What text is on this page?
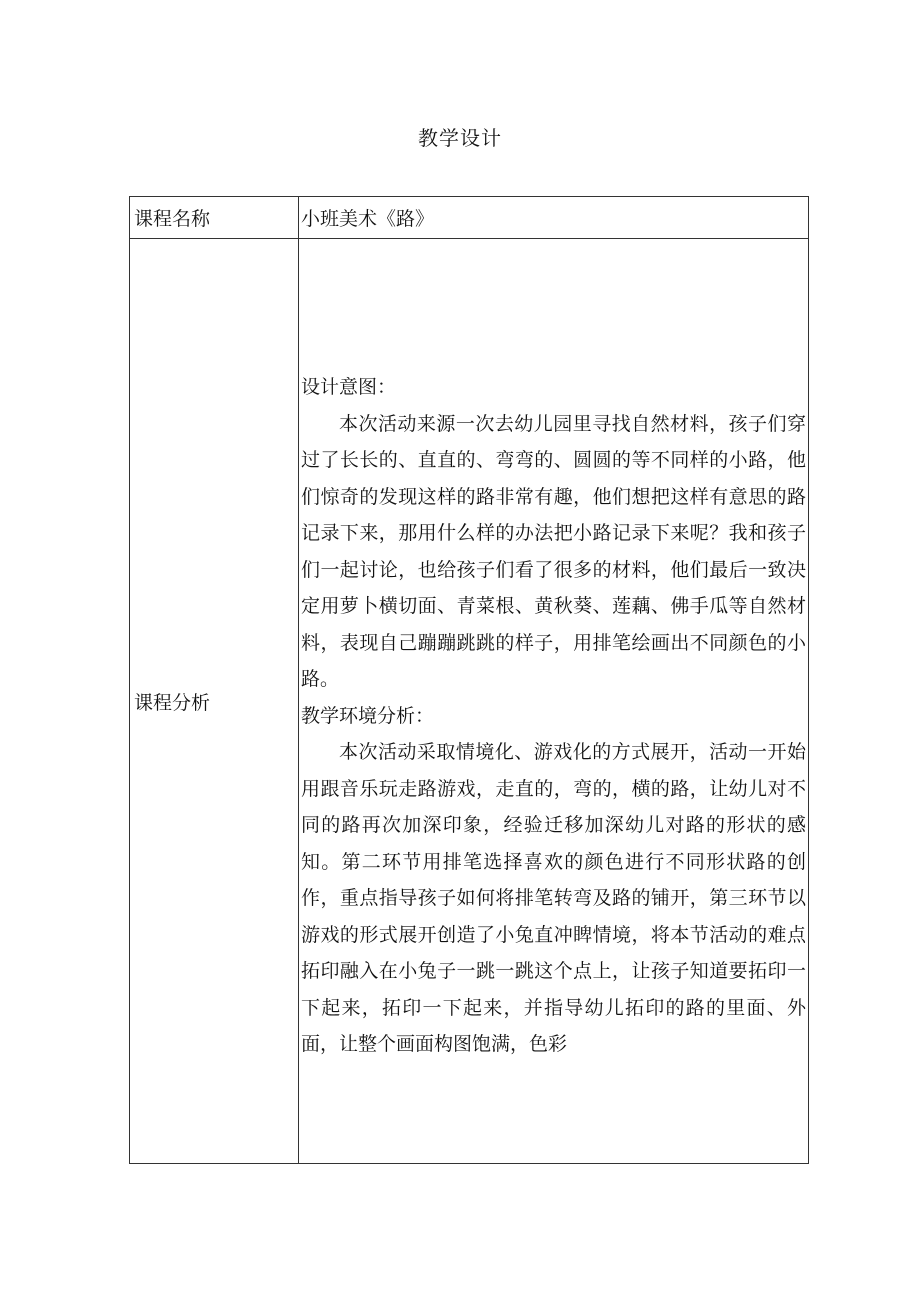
教学设计
课程名称	小班美术《路》
课程分析	设计意图：
本次活动来源一次去幼儿园里寻找自然材料，孩子们穿过了长长的、直直的、弯弯的、圆圆的等不同样的小路，他们惊奇的发现这样的路非常有趣，他们想把这样有意思的路记录下来，那用什么样的办法把小路记录下来呢？我和孩子们一起讨论，也给孩子们看了很多的材料，他们最后一致决定用萝卜横切面、青菜根、黄秋葵、莲藕、佛手瓜等自然材料，表现自己蹦蹦跳跳的样子，用排笔绘画出不同颜色的小路。
教学环境分析：
本次活动采取情境化、游戏化的方式展开，活动一开始用跟音乐玩走路游戏，走直的，弯的，横的路，让幼儿对不同的路再次加深印象，经验迁移加深幼儿对路的形状的感知。第二环节用排笔选择喜欢的颜色进行不同形状路的创作，重点指导孩子如何将排笔转弯及路的铺开，第三环节以游戏的形式展开创造了小兔直冲睥情境，将本节活动的难点拓印融入在小兔子一跳一跳这个点上，让孩子知道要拓印一下起来，拓印一下起来，并指导幼儿拓印的路的里面、外面，让整个画面构图饱满，色彩
